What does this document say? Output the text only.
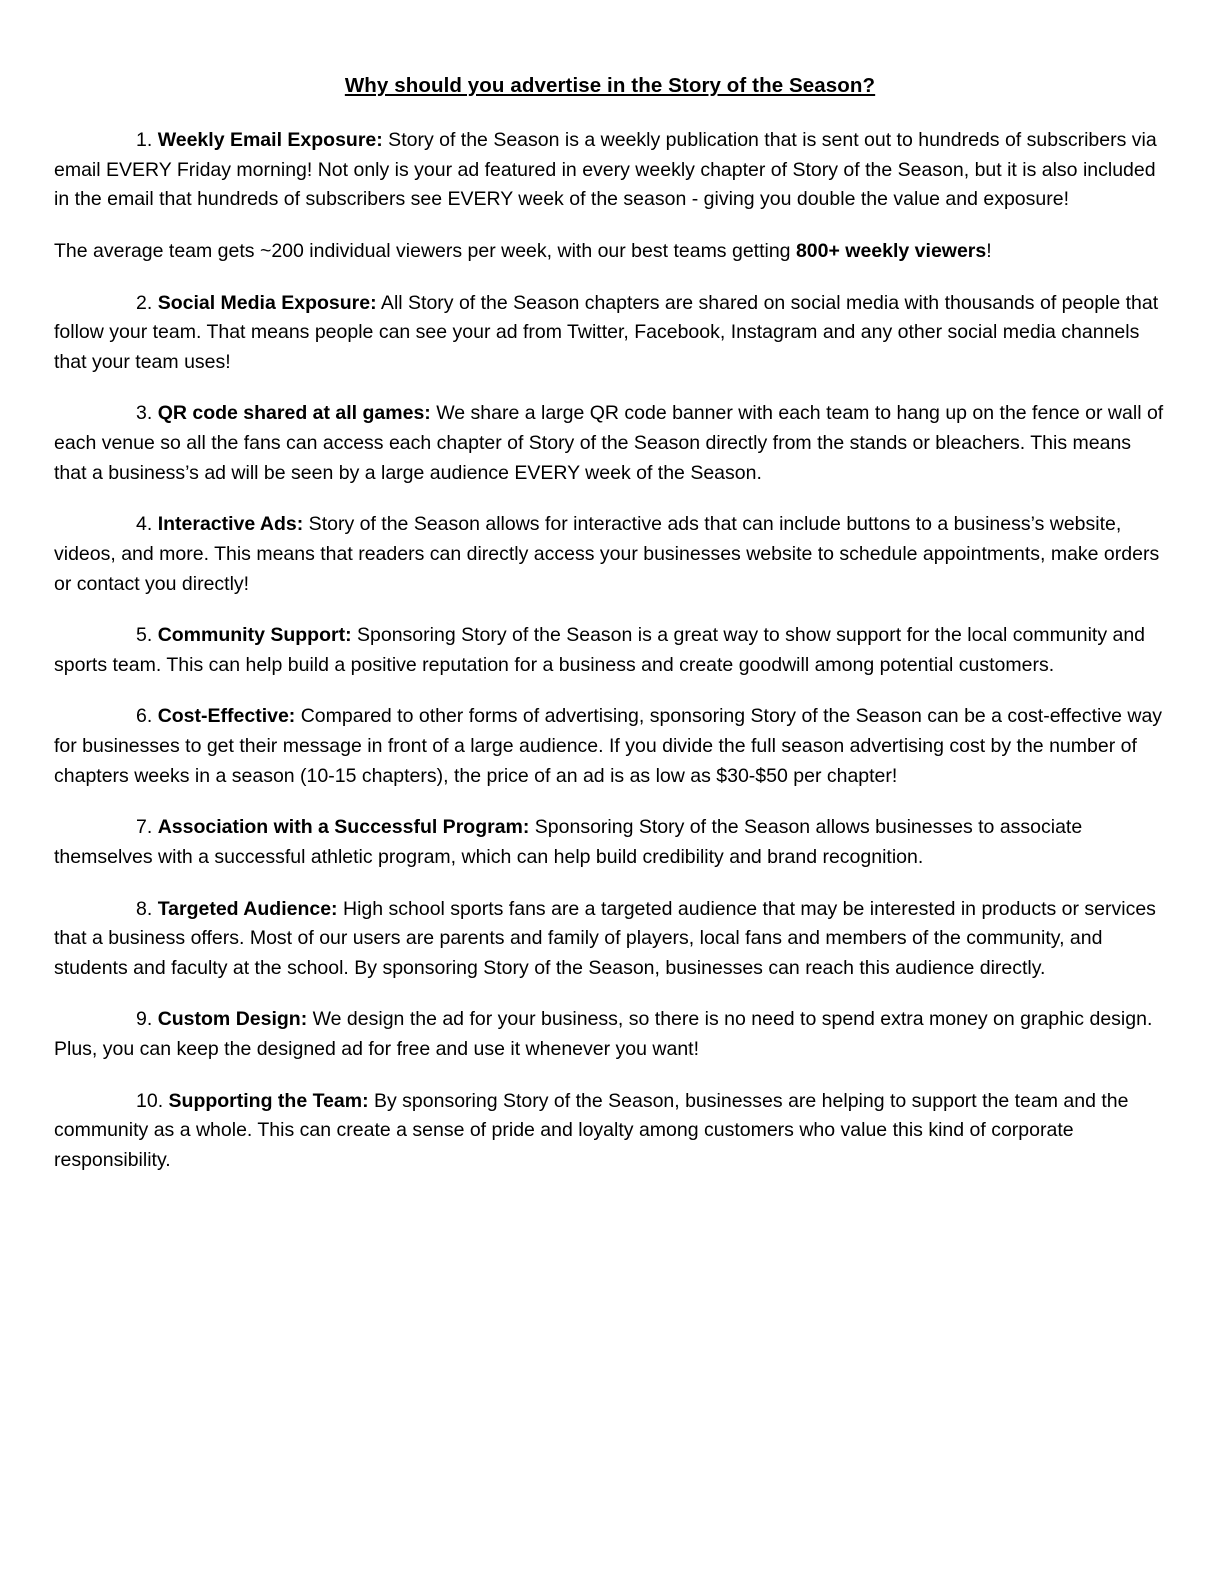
Why should you advertise in the Story of the Season?

1. Weekly Email Exposure: Story of the Season is a weekly publication that is sent out to hundreds of subscribers via email EVERY Friday morning! Not only is your ad featured in every weekly chapter of Story of the Season, but it is also included in the email that hundreds of subscribers see EVERY week of the season - giving you double the value and exposure!

The average team gets ~200 individual viewers per week, with our best teams getting 800+ weekly viewers!

2. Social Media Exposure: All Story of the Season chapters are shared on social media with thousands of people that follow your team. That means people can see your ad from Twitter, Facebook, Instagram and any other social media channels that your team uses!

3. QR code shared at all games: We share a large QR code banner with each team to hang up on the fence or wall of each venue so all the fans can access each chapter of Story of the Season directly from the stands or bleachers. This means that a business’s ad will be seen by a large audience EVERY week of the Season.

4. Interactive Ads: Story of the Season allows for interactive ads that can include buttons to a business’s website, videos, and more. This means that readers can directly access your businesses website to schedule appointments, make orders or contact you directly!

5. Community Support: Sponsoring Story of the Season is a great way to show support for the local community and sports team. This can help build a positive reputation for a business and create goodwill among potential customers.

6. Cost-Effective: Compared to other forms of advertising, sponsoring Story of the Season can be a cost-effective way for businesses to get their message in front of a large audience. If you divide the full season advertising cost by the number of chapters weeks in a season (10-15 chapters), the price of an ad is as low as $30-$50 per chapter!

7. Association with a Successful Program: Sponsoring Story of the Season allows businesses to associate themselves with a successful athletic program, which can help build credibility and brand recognition.

8. Targeted Audience: High school sports fans are a targeted audience that may be interested in products or services that a business offers. Most of our users are parents and family of players, local fans and members of the community, and students and faculty at the school. By sponsoring Story of the Season, businesses can reach this audience directly.

9. Custom Design: We design the ad for your business, so there is no need to spend extra money on graphic design. Plus, you can keep the designed ad for free and use it whenever you want!

10. Supporting the Team: By sponsoring Story of the Season, businesses are helping to support the team and the community as a whole. This can create a sense of pride and loyalty among customers who value this kind of corporate responsibility.
